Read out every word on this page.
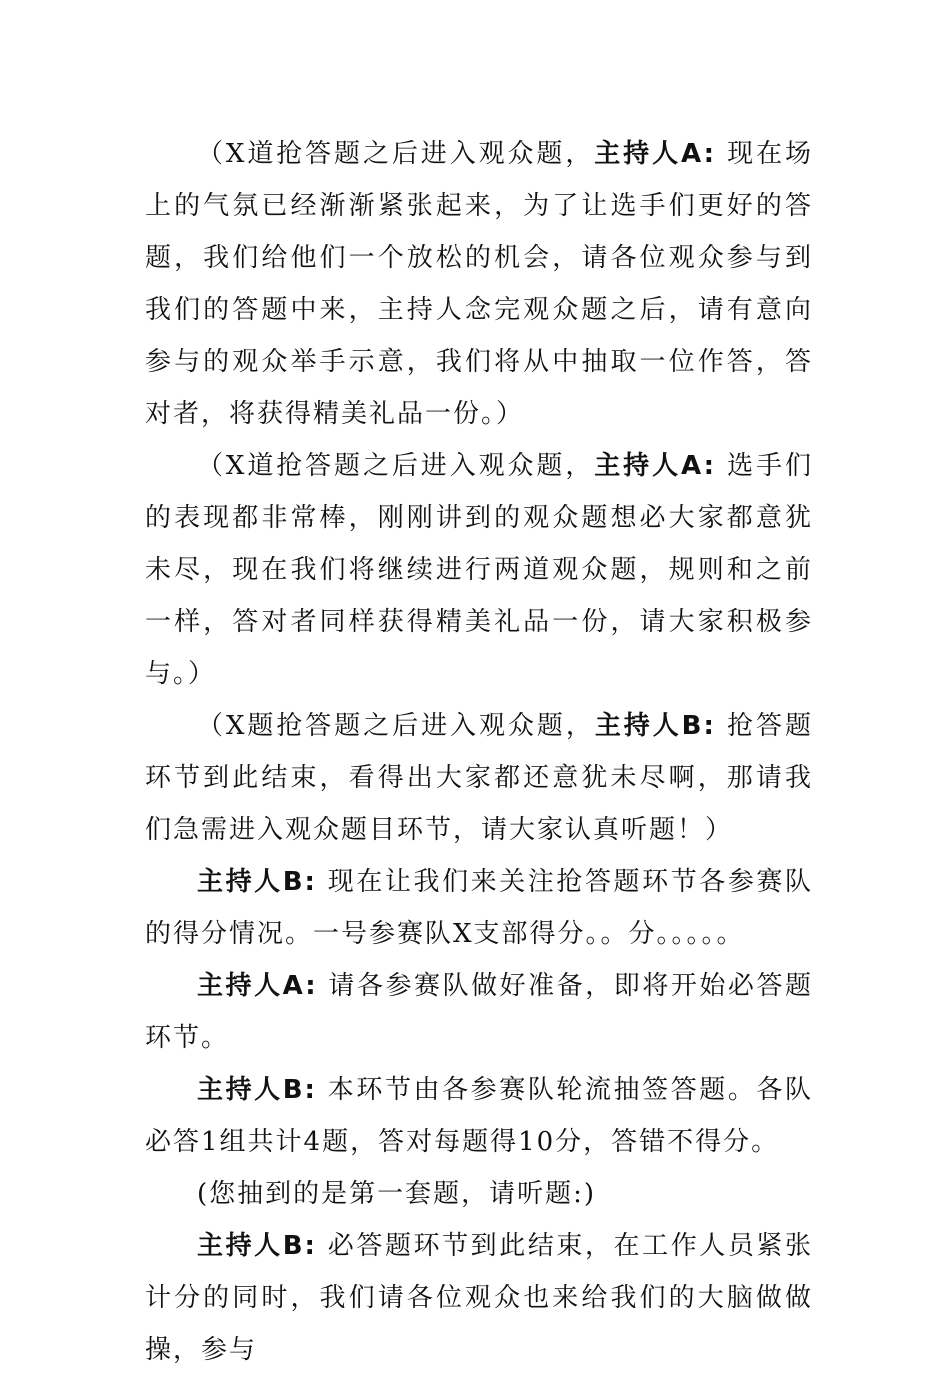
（X道抢答题之后进入观众题，主持人A: 现在场上的气氛已经渐渐紧张起来，为了让选手们更好的答题，我们给他们一个放松的机会，请各位观众参与到我们的答题中来，主持人念完观众题之后，请有意向参与的观众举手示意，我们将从中抽取一位作答，答对者，将获得精美礼品一份。）

（X道抢答题之后进入观众题，主持人A: 选手们的表现都非常棒，刚刚讲到的观众题想必大家都意犹未尽，现在我们将继续进行两道观众题，规则和之前一样，答对者同样获得精美礼品一份，请大家积极参与。）

（X题抢答题之后进入观众题，主持人B: 抢答题环节到此结束，看得出大家都还意犹未尽啊，那请我们急需进入观众题目环节，请大家认真听题！）

主持人B: 现在让我们来关注抢答题环节各参赛队的得分情况。一号参赛队X支部得分。。分。。。。。

主持人A: 请各参赛队做好准备，即将开始必答题环节。

主持人B: 本环节由各参赛队轮流抽签答题。各队必答1组共计4题，答对每题得10分，答错不得分。

(您抽到的是第一套题，请听题:)

主持人B: 必答题环节到此结束，在工作人员紧张计分的同时，我们请各位观众也来给我们的大脑做做操，参与
